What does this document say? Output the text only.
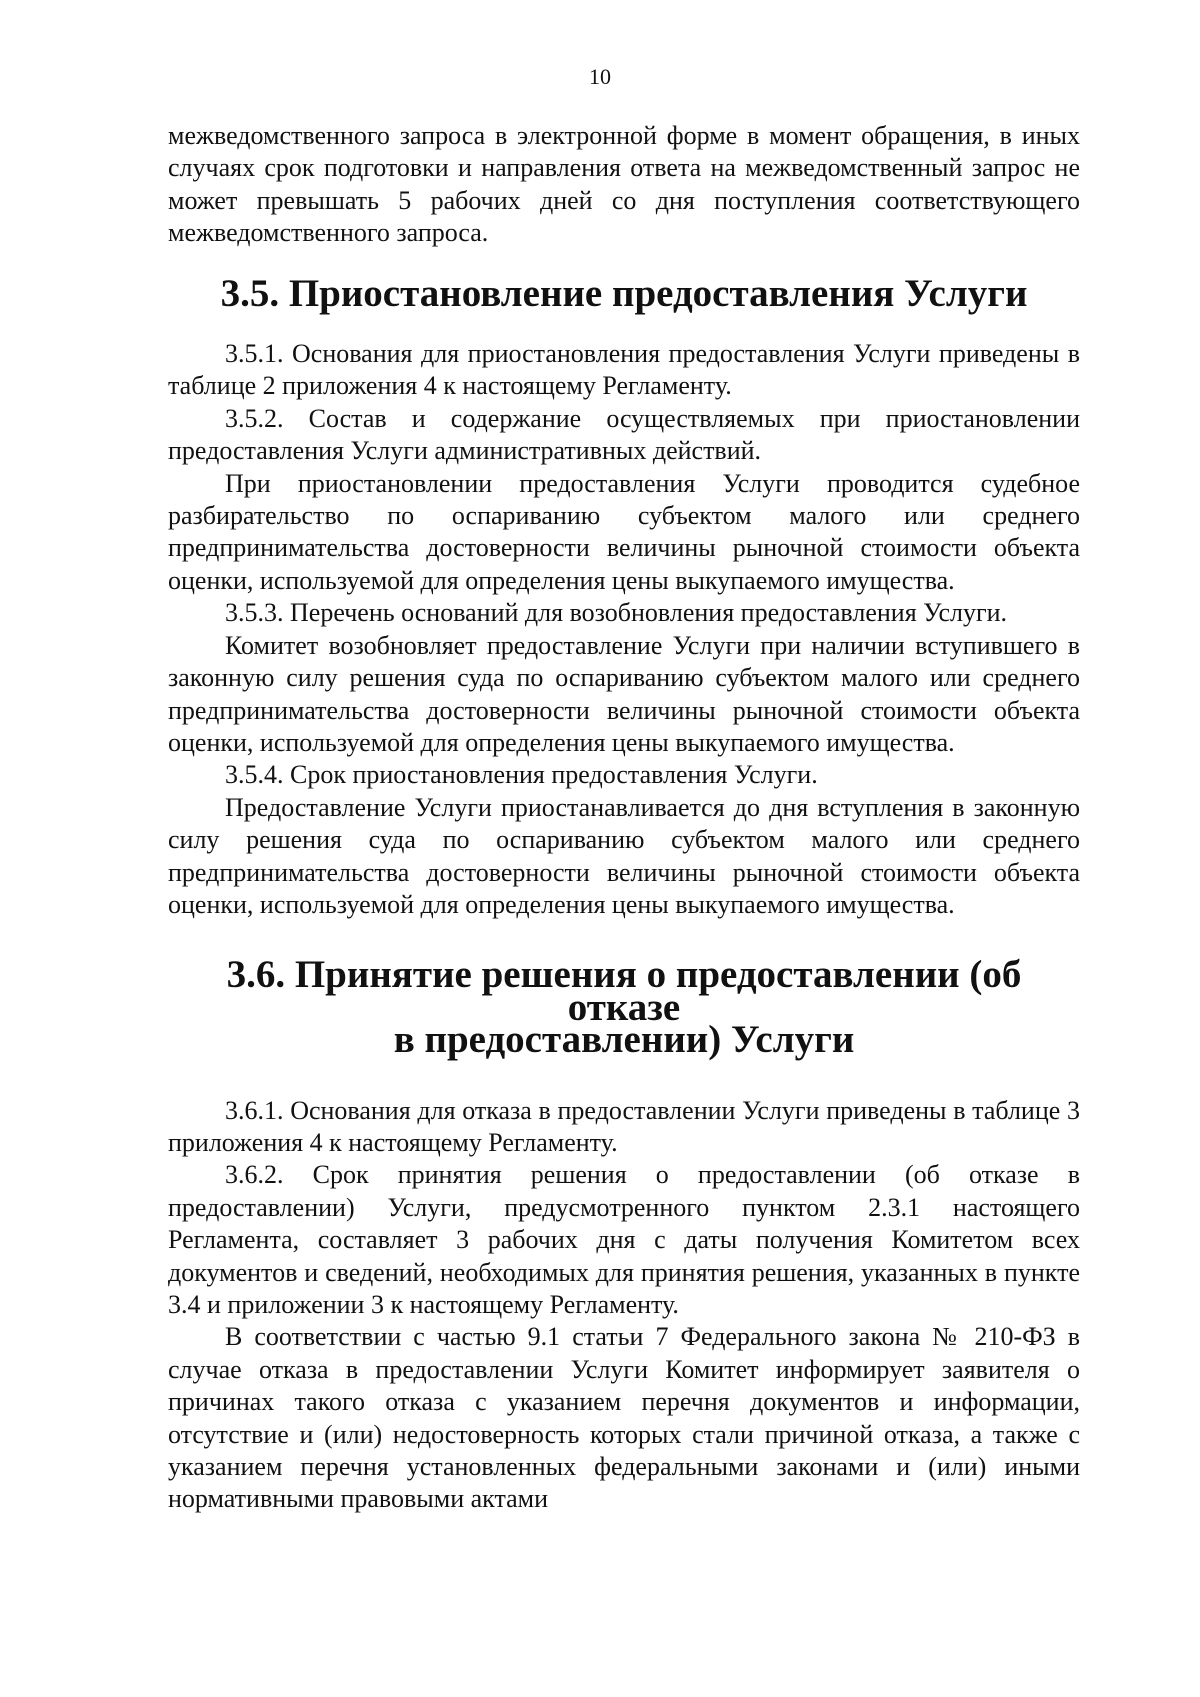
10

межведомственного запроса в электронной форме в момент обращения, в иных случаях срок подготовки и направления ответа на межведомственный запрос не может превышать 5 рабочих дней со дня поступления соответствующего межведомственного запроса.

3.5. Приостановление предоставления Услуги

3.5.1. Основания для приостановления предоставления Услуги приведены в таблице 2 приложения 4 к настоящему Регламенту.

3.5.2. Состав и содержание осуществляемых при приостановлении предоставления Услуги административных действий.

При приостановлении предоставления Услуги проводится судебное разбирательство по оспариванию субъектом малого или среднего предпринимательства достоверности величины рыночной стоимости объекта оценки, используемой для определения цены выкупаемого имущества.

3.5.3. Перечень оснований для возобновления предоставления Услуги.

Комитет возобновляет предоставление Услуги при наличии вступившего в законную силу решения суда по оспариванию субъектом малого или среднего предпринимательства достоверности величины рыночной стоимости объекта оценки, используемой для определения цены выкупаемого имущества.

3.5.4. Срок приостановления предоставления Услуги.

Предоставление Услуги приостанавливается до дня вступления в законную силу решения суда по оспариванию субъектом малого или среднего предпринимательства достоверности величины рыночной стоимости объекта оценки, используемой для определения цены выкупаемого имущества.

3.6. Принятие решения о предоставлении (об отказе
в предоставлении) Услуги

3.6.1. Основания для отказа в предоставлении Услуги приведены в таблице 3 приложения 4 к настоящему Регламенту.

3.6.2. Срок принятия решения о предоставлении (об отказе в предоставлении) Услуги, предусмотренного пунктом 2.3.1 настоящего Регламента, составляет 3 рабочих дня с даты получения Комитетом всех документов и сведений, необходимых для принятия решения, указанных в пункте 3.4 и приложении 3 к настоящему Регламенту.

В соответствии с частью 9.1 статьи 7 Федерального закона № 210-ФЗ в случае отказа в предоставлении Услуги Комитет информирует заявителя о причинах такого отказа с указанием перечня документов и информации, отсутствие и (или) недостоверность которых стали причиной отказа, а также с указанием перечня установленных федеральными законами и (или) иными нормативными правовыми актами
